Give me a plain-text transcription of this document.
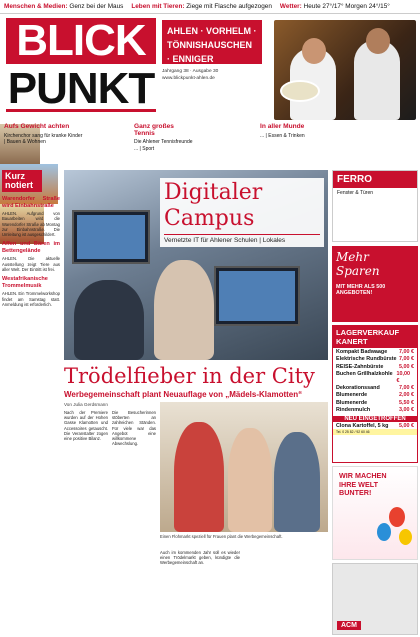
Menschen & Medien: Genz bei der Maus	Leben mit Tieren: Ziege mit Flasche aufgezogen	Wetter: Heute 27°/17° Morgen 24°/15°
BLICK
PUNKT
AHLEN · VORHELM ·
TÖNNISHAUSCHEN · ENNIGER
Jahrgang 38 · Ausgabe 30
www.blickpunkt-ahlen.de
Aufs Gewicht achten
Kirchenchor sang für kranke Kinder | Bauen & Wohnen
Ganz großes Tennis
Die Ahlener Tennisfreunde ... | Sport
In aller Munde
... | Essen & Trinken
Kurz
notiert
Warendorfer Straße wird Einbahnstraße

AHLEN. Aufgrund von Bauarbeiten wird die Warendorfer Straße ab Montag zur Einbahnstraße. Die Umleitung ist ausgeschildert.

Affen und Bären im Bettengelände

AHLEN. Die aktuelle Ausstellung zeigt Tiere aus aller Welt. Der Eintritt ist frei.

Westafrikanische Trommelmusik

AHLEN. Ein Trommelworkshop findet am Samstag statt. Anmeldung ist erforderlich.

Digitaler
Campus
Vernetzte IT für Ahlener Schulen | Lokales
Trödelfieber in der City
Werbegemeinschaft plant Neuauflage von „Mädels-Klamotten“
Von Julia Gerdsmann
Nach der Premiere wurden auf der Hohen Gasse Klamotten und Accessoires getauscht. Die Veranstalter zogen eine positive Bilanz.
Die Besucherinnen stöberten an zahlreichen Ständen. Für viele war das Angebot eine willkommene Abwechslung.
Einen Flohmarkt speziell für Frauen plant die Werbegemeinschaft.
Auch im kommenden Jahr soll es wieder einen Trödelmarkt geben, kündigte die Werbegemeinschaft an.
FERRO
Fenster & Türen
Mehr Sparen
MIT MEHR ALS 500 ANGEBOTEN!
LAGERVERKAUF KANERT
Kompakt Badwaage	7,00 €
Elektrische Rundbürste 7,00 €
REISE-Zahnbürste	5,00 €
Buchen Grillhalzkohle 10,00 €
Dekorationssand	7,00 €
Blumenerde	2,00 €
Blumenerde	5,50 €
Rindenmulch	3,00 €
NEU EINGETROFFEN
Clona Kartoffel, 5 kg	5,00 €
Tel. 0 25 82 / 92 60 46
WIR MACHEN
IHRE WELT
BUNTER!
ACM
